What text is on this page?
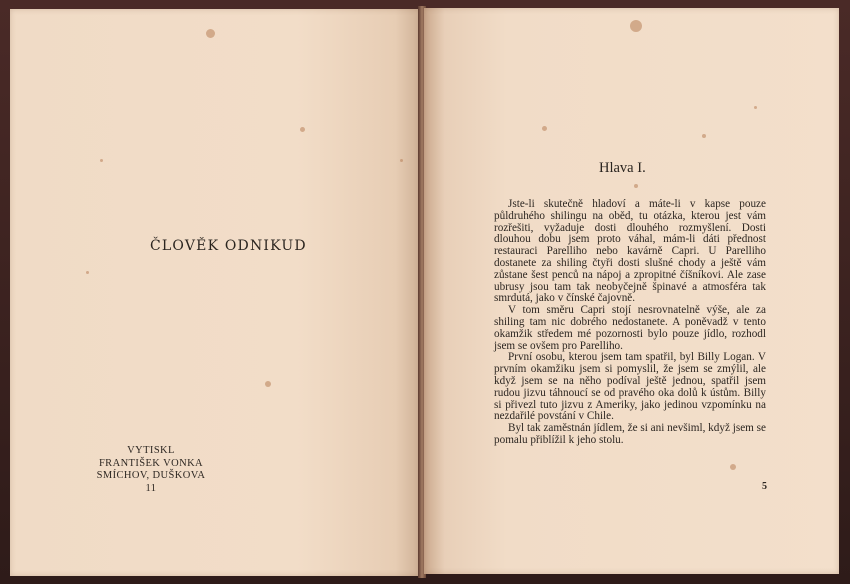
ČLOVĚK ODNIKUD
VYTISKL
FRANTIŠEK VONKA
SMÍCHOV, DUŠKOVA
11
Hlava I.

Jste-li skutečně hladoví a máte-li v kapse pouze půldruhého shilingu na oběd, tu otázka, kterou jest vám rozřešiti, vyžaduje dosti dlouhého rozmyšlení. Dosti dlouhou dobu jsem proto váhal, mám-li dáti přednost restauraci Parelliho nebo kavárně Capri. U Parelliho dostanete za shiling čtyři dosti slušné chody a ještě vám zůstane šest penců na nápoj a zpropitné číšníkovi. Ale zase ubrusy jsou tam tak neobyčejně špinavé a atmosféra tak smrdutá, jako v čínské čajovně.

V tom směru Capri stojí nesrovnatelně výše, ale za shiling tam nic dobrého nedostanete. A poněvadž v tento okamžik středem mé pozornosti bylo pouze jídlo, rozhodl jsem se ovšem pro Parelliho.

První osobu, kterou jsem tam spatřil, byl Billy Logan. V prvním okamžiku jsem si pomyslil, že jsem se zmýlil, ale když jsem se na něho podíval ještě jednou, spatřil jsem rudou jizvu táhnoucí se od pravého oka dolů k ústům. Billy si přivezl tuto jizvu z Ameriky, jako jedinou vzpomínku na nezdařilé povstání v Chile.

Byl tak zaměstnán jídlem, že si ani nevšiml, když jsem se pomalu přiblížil k jeho stolu.

5
